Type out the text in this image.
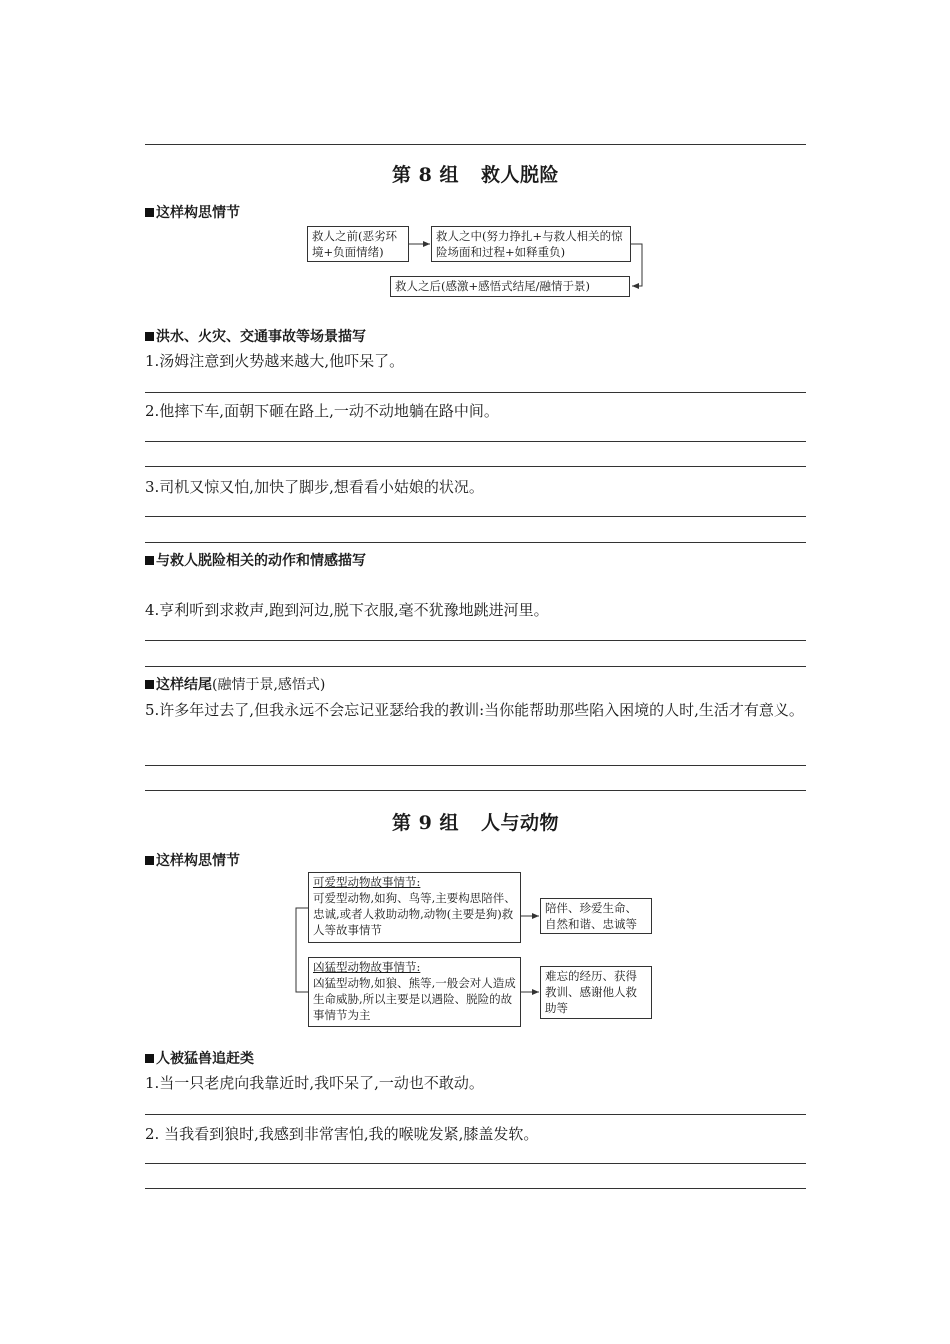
第 8 组 救人脱险
这样构思情节
救人之前(恶劣环境+负面情绪)
救人之中(努力挣扎+与救人相关的惊险场面和过程+如释重负)
救人之后(感激+感悟式结尾/融情于景)
洪水、火灾、交通事故等场景描写
1.汤姆注意到火势越来越大,他吓呆了。
2.他摔下车,面朝下砸在路上,一动不动地躺在路中间。
3.司机又惊又怕,加快了脚步,想看看小姑娘的状况。
与救人脱险相关的动作和情感描写
4.亨利听到求救声,跑到河边,脱下衣服,毫不犹豫地跳进河里。
这样结尾(融情于景,感悟式)
5.许多年过去了,但我永远不会忘记亚瑟给我的教训:当你能帮助那些陷入困境的人时,生活才有意义。
第 9 组 人与动物
这样构思情节
可爱型动物故事情节:
可爱型动物,如狗、鸟等,主要构思陪伴、忠诚,或者人救助动物,动物(主要是狗)救人等故事情节
陪伴、珍爱生命、自然和谐、忠诚等
凶猛型动物故事情节:
凶猛型动物,如狼、熊等,一般会对人造成生命威胁,所以主要是以遇险、脱险的故事情节为主
难忘的经历、获得教训、感谢他人救助等
人被猛兽追赶类
1.当一只老虎向我靠近时,我吓呆了,一动也不敢动。
2. 当我看到狼时,我感到非常害怕,我的喉咙发紧,膝盖发软。
